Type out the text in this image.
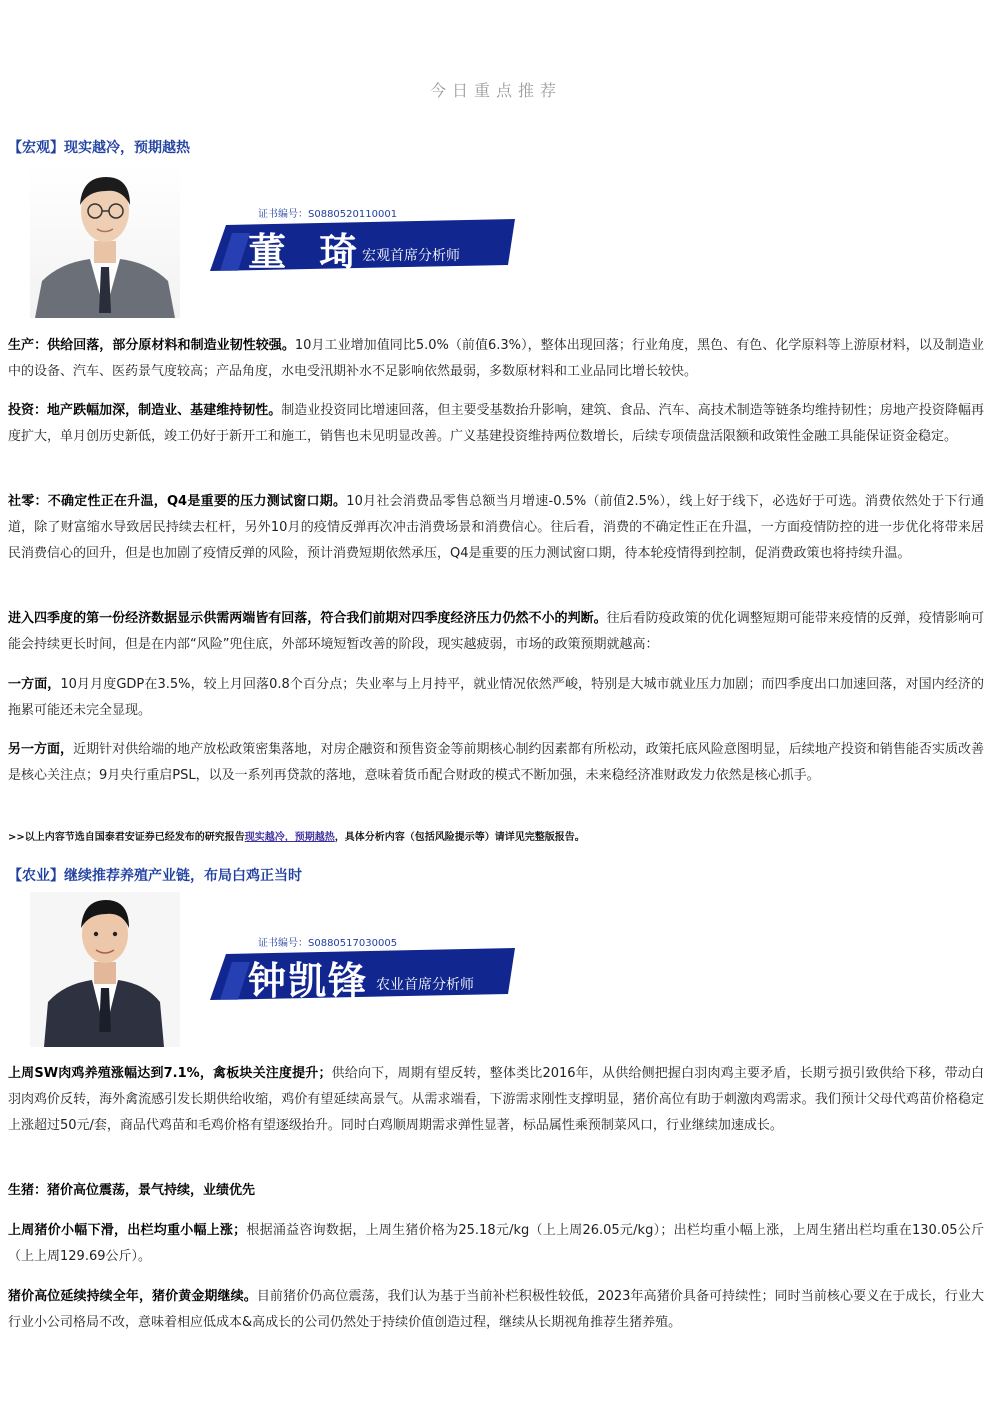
今日重点推荐
【宏观】现实越冷，预期越热
证书编号：S0880520110001
董 琦
宏观首席分析师

生产：供给回落，部分原材料和制造业韧性较强。10月工业增加值同比5.0%（前值6.3%），整体出现回落；行业角度，黑色、有色、化学原料等上游原材料，以及制造业中的设备、汽车、医药景气度较高；产品角度，水电受汛期补水不足影响依然最弱，多数原材料和工业品同比增长较快。

投资：地产跌幅加深，制造业、基建维持韧性。制造业投资同比增速回落，但主要受基数抬升影响，建筑、食品、汽车、高技术制造等链条均维持韧性；房地产投资降幅再度扩大，单月创历史新低，竣工仍好于新开工和施工，销售也未见明显改善。广义基建投资维持两位数增长，后续专项债盘活限额和政策性金融工具能保证资金稳定。

社零：不确定性正在升温，Q4是重要的压力测试窗口期。10月社会消费品零售总额当月增速-0.5%（前值2.5%），线上好于线下，必选好于可选。消费依然处于下行通道，除了财富缩水导致居民持续去杠杆，另外10月的疫情反弹再次冲击消费场景和消费信心。往后看，消费的不确定性正在升温，一方面疫情防控的进一步优化将带来居民消费信心的回升，但是也加剧了疫情反弹的风险，预计消费短期依然承压，Q4是重要的压力测试窗口期，待本轮疫情得到控制，促消费政策也将持续升温。

进入四季度的第一份经济数据显示供需两端皆有回落，符合我们前期对四季度经济压力仍然不小的判断。往后看防疫政策的优化调整短期可能带来疫情的反弹，疫情影响可能会持续更长时间，但是在内部“风险”兜住底，外部环境短暂改善的阶段，现实越疲弱，市场的政策预期就越高：

一方面，10月月度GDP在3.5%，较上月回落0.8个百分点；失业率与上月持平，就业情况依然严峻，特别是大城市就业压力加剧；而四季度出口加速回落，对国内经济的拖累可能还未完全显现。

另一方面，近期针对供给端的地产放松政策密集落地，对房企融资和预售资金等前期核心制约因素都有所松动，政策托底风险意图明显，后续地产投资和销售能否实质改善是核心关注点；9月央行重启PSL，以及一系列再贷款的落地，意味着货币配合财政的模式不断加强，未来稳经济准财政发力依然是核心抓手。

>>以上内容节选自国泰君安证券已经发布的研究报告现实越冷，预期越热，具体分析内容（包括风险提示等）请详见完整版报告。
【农业】继续推荐养殖产业链，布局白鸡正当时
证书编号：S0880517030005
钟凯锋 农业首席分析师

上周SW肉鸡养殖涨幅达到7.1%，禽板块关注度提升；供给向下，周期有望反转，整体类比2016年，从供给侧把握白羽肉鸡主要矛盾，长期亏损引致供给下移，带动白羽肉鸡价反转，海外禽流感引发长期供给收缩，鸡价有望延续高景气。从需求端看，下游需求刚性支撑明显，猪价高位有助于刺激肉鸡需求。我们预计父母代鸡苗价格稳定上涨超过50元/套，商品代鸡苗和毛鸡价格有望逐级抬升。同时白鸡顺周期需求弹性显著，标品属性乘预制菜风口，行业继续加速成长。

生猪：猪价高位震荡，景气持续，业绩优先

上周猪价小幅下滑，出栏均重小幅上涨；根据涌益咨询数据，上周生猪价格为25.18元/kg（上上周26.05元/kg）；出栏均重小幅上涨，上周生猪出栏均重在130.05公斤（上上周129.69公斤）。

猪价高位延续持续全年，猪价黄金期继续。目前猪价仍高位震荡，我们认为基于当前补栏积极性较低，2023年高猪价具备可持续性；同时当前核心要义在于成长，行业大行业小公司格局不改，意味着相应低成本&高成长的公司仍然处于持续价值创造过程，继续从长期视角推荐生猪养殖。
